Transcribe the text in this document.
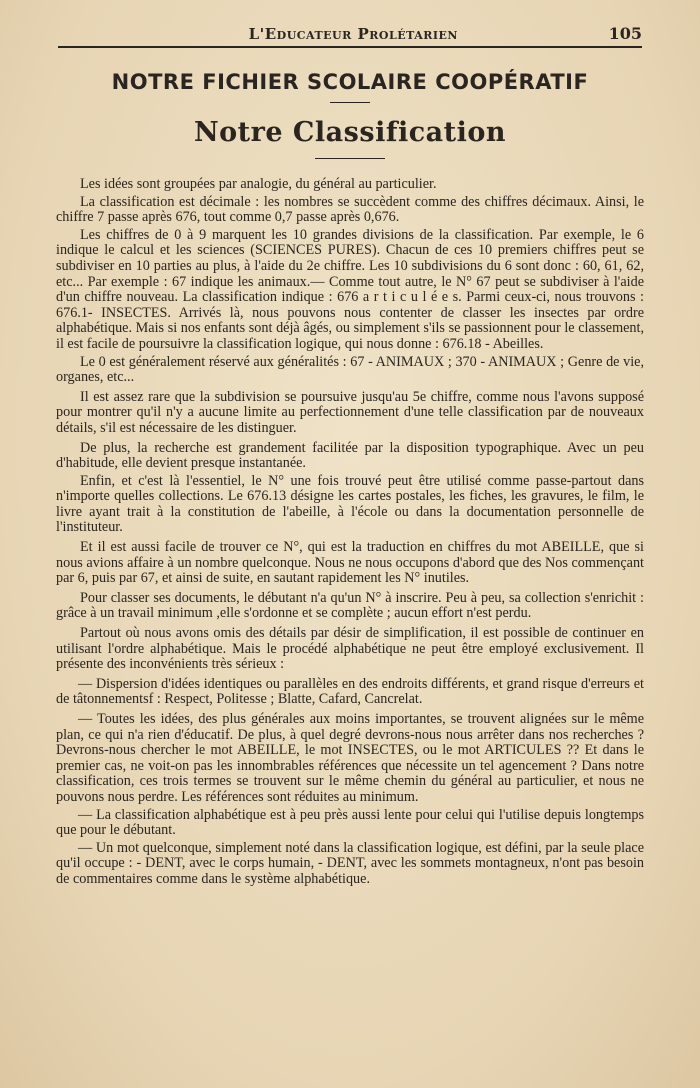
L'Educateur Prolétarien	105
NOTRE FICHIER SCOLAIRE COOPÉRATIF
Notre Classification

Les idées sont groupées par analogie, du général au particulier.

La classification est décimale : les nombres se succèdent comme des chiffres décimaux. Ainsi, le chiffre 7 passe après 676, tout comme 0,7 passe après 0,676.

Les chiffres de 0 à 9 marquent les 10 grandes divisions de la classification. Par exemple, le 6 indique le calcul et les sciences (SCIENCES PURES). Chacun de ces 10 premiers chiffres peut se subdiviser en 10 parties au plus, à l'aide du 2e chiffre. Les 10 subdivisions du 6 sont donc : 60, 61, 62, etc... Par exemple : 67 indique les animaux.— Comme tout autre, le N° 67 peut se subdiviser à l'aide d'un chiffre nouveau. La classification indique : 676 a r t i c u l é e s. Parmi ceux-ci, nous trouvons : 676.1- INSECTES. Arrivés là, nous pouvons nous contenter de classer les insectes par ordre alphabétique. Mais si nos enfants sont déjà âgés, ou simplement s'ils se passionnent pour le classement, il est facile de poursuivre la classification logique, qui nous donne : 676.18 - Abeilles.

Le 0 est généralement réservé aux généralités : 67 - ANIMAUX ; 370 - ANIMAUX ; Genre de vie, organes, etc...

Il est assez rare que la subdivision se poursuive jusqu'au 5e chiffre, comme nous l'avons supposé pour montrer qu'il n'y a aucune limite au perfectionnement d'une telle classification par de nouveaux détails, s'il est nécessaire de les distinguer.

De plus, la recherche est grandement facilitée par la disposition typographique. Avec un peu d'habitude, elle devient presque instantanée.

Enfin, et c'est là l'essentiel, le N° une fois trouvé peut être utilisé comme passe-partout dans n'importe quelles collections. Le 676.13 désigne les cartes postales, les fiches, les gravures, le film, le livre ayant trait à la constitution de l'abeille, à l'école ou dans la documentation personnelle de l'instituteur.

Et il est aussi facile de trouver ce N°, qui est la traduction en chiffres du mot ABEILLE, que si nous avions affaire à un nombre quelconque. Nous ne nous occupons d'abord que des Nos commençant par 6, puis par 67, et ainsi de suite, en sautant rapidement les N° inutiles.

Pour classer ses documents, le débutant n'a qu'un N° à inscrire. Peu à peu, sa collection s'enrichit : grâce à un travail minimum ,elle s'ordonne et se complète ; aucun effort n'est perdu.

Partout où nous avons omis des détails par désir de simplification, il est possible de continuer en utilisant l'ordre alphabétique. Mais le procédé alphabétique ne peut être employé exclusivement. Il présente des inconvénients très sérieux :

— Dispersion d'idées identiques ou parallèles en des endroits différents, et grand risque d'erreurs et de tâtonnementsf : Respect, Politesse ; Blatte, Cafard, Cancrelat.

— Toutes les idées, des plus générales aux moins importantes, se trouvent alignées sur le même plan, ce qui n'a rien d'éducatif. De plus, à quel degré devrons-nous nous arrêter dans nos recherches ? Devrons-nous chercher le mot ABEILLE, le mot INSECTES, ou le mot ARTICULES ?? Et dans le premier cas, ne voit-on pas les innombrables références que nécessite un tel agencement ? Dans notre classification, ces trois termes se trouvent sur le même chemin du général au particulier, et nous ne pouvons nous perdre. Les références sont réduites au minimum.

— La classification alphabétique est à peu près aussi lente pour celui qui l'utilise depuis longtemps que pour le débutant.

— Un mot quelconque, simplement noté dans la classification logique, est défini, par la seule place qu'il occupe : - DENT, avec le corps humain, - DENT, avec les sommets montagneux, n'ont pas besoin de commentaires comme dans le système alphabétique.
